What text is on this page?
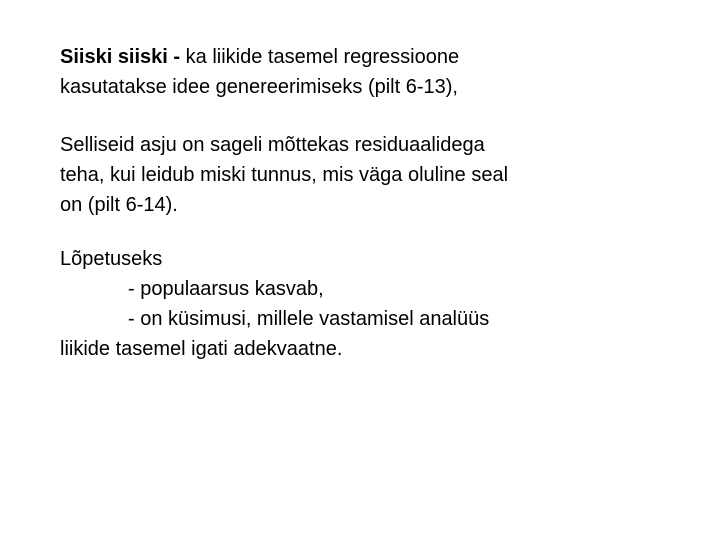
Siiski siiski - ka liikide tasemel regressioone
kasutatakse idee genereerimiseks (pilt 6-13),
Selliseid asju on sageli mõttekas residuaalidega
teha, kui leidub miski tunnus, mis väga oluline seal
on (pilt 6-14).
Lõpetuseks
- populaarsus kasvab,
- on küsimusi, millele vastamisel analüüs
liikide tasemel igati adekvaatne.
